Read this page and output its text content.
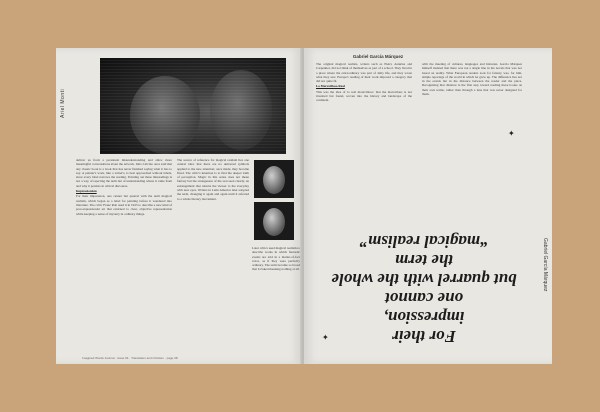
Ariel Monti
deliver us from a persistent misunderstanding and allow more meaningful conversations about the artwork. Italo Calvino once said that any classic book is a book that has never finished saying what it has to say. A painter's work, like a writer's, is best approached without labels, since every label narrows the reading. Pointing out these misreadings is not a way of rejecting the term but of understanding where it came from and why it persists in critical discourse.
Impressionism
For their impression, one cannot but quarrel with the term magical realism, which began as a label for painting before it wandered into literature. The critic Franz Roh used it in 1925 to describe a new kind of post-expressionist art that returned to clear, objective representation while keeping a sense of mystery in ordinary things.
The source of reference for magical realism lies one central idea: that there are no universal symbols applied to the new attention; once made, they become fixed. The critic's intention is to find the deeper truth of perception. Magic in this sense does not mean fantasy but the strangeness of the real seen clearly, an estrangement that returns the viewer to the everyday with new eyes. Writers in Latin America later adopted the term, changing it again and again until it referred to a whole literary movement.
Later critics used magical realism to describe works in which fantastic events are told in a matter-of-fact voice, as if they were perfectly ordinary. The term became so broad that it risked meaning nothing at all.
Imagined Words Journal · Issue 04 · Translation and Criticism · page 38
Gabriel García Márquez
The original magical realists, writers such as Pietri, Asturias and Carpentier, did not think of themselves as part of a school. They lived in a place where the extraordinary was part of daily life, and they wrote what they saw. Europe's reading of their work imposed a category that did not quite fit.
Lo Maravilloso Real
This was the idea of lo real maravilloso: that the marvellous is not invented but found, woven into the history and landscape of the continent.
with the meeting of cultures, languages and histories. García Márquez himself insisted that there was not a single line in his novels that was not based on reality. What European readers took for fantasy was, for him, simple reportage of the world in which he grew up. The difference lies not in the events but in the distance between the reader and the place. Recognising that distance is the first step toward reading these books on their own terms, rather than through a lens that was never designed for them.
✦
✦
Gabriel García Márquez
For their
impression,
one cannot
but quarrel with the whole
the term
“magical realism”
